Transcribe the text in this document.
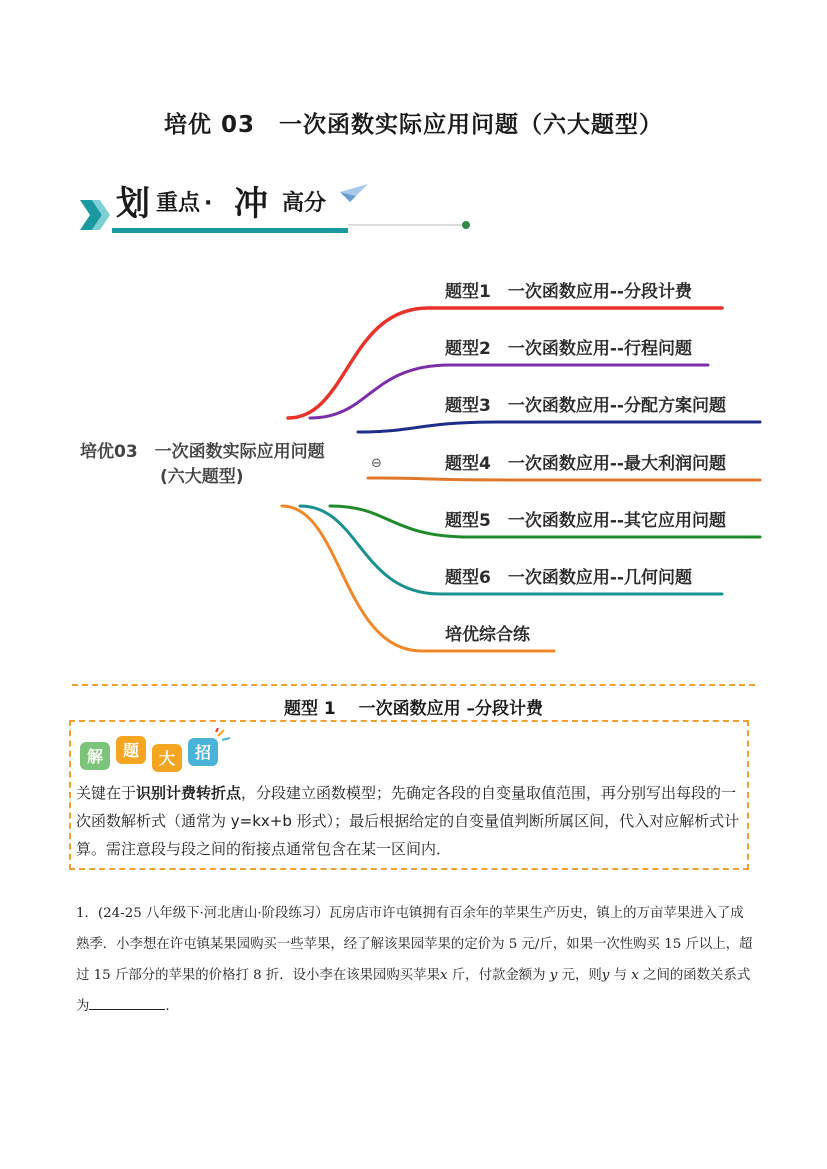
培优 03　一次函数实际应用问题（六大题型）
划 重点 · 冲 高分
培优03　一次函数实际应用问题
(六大题型)
⊖
题型1　一次函数应用--分段计费
题型2　一次函数应用--行程问题
题型3　一次函数应用--分配方案问题
题型4　一次函数应用--最大利润问题
题型5　一次函数应用--其它应用问题
题型6　一次函数应用--几何问题
培优综合练
题型 1　 一次函数应用 –分段计费
解 题 大 招
关键在于识别计费转折点，分段建立函数模型；先确定各段的自变量取值范围，再分别写出每段的一次函数解析式（通常为 y=kx+b 形式）；最后根据给定的自变量值判断所属区间，代入对应解析式计算。需注意段与段之间的衔接点通常包含在某一区间内．
1．(24-25 八年级下·河北唐山·阶段练习）瓦房店市许屯镇拥有百余年的苹果生产历史，镇上的万亩苹果进入了成熟季．小李想在许屯镇某果园购买一些苹果，经了解该果园苹果的定价为 5 元/斤，如果一次性购买 15 斤以上，超过 15 斤部分的苹果的价格打 8 折．设小李在该果园购买苹果x 斤，付款金额为 y 元，则y 与 x 之间的函数关系式为	．
